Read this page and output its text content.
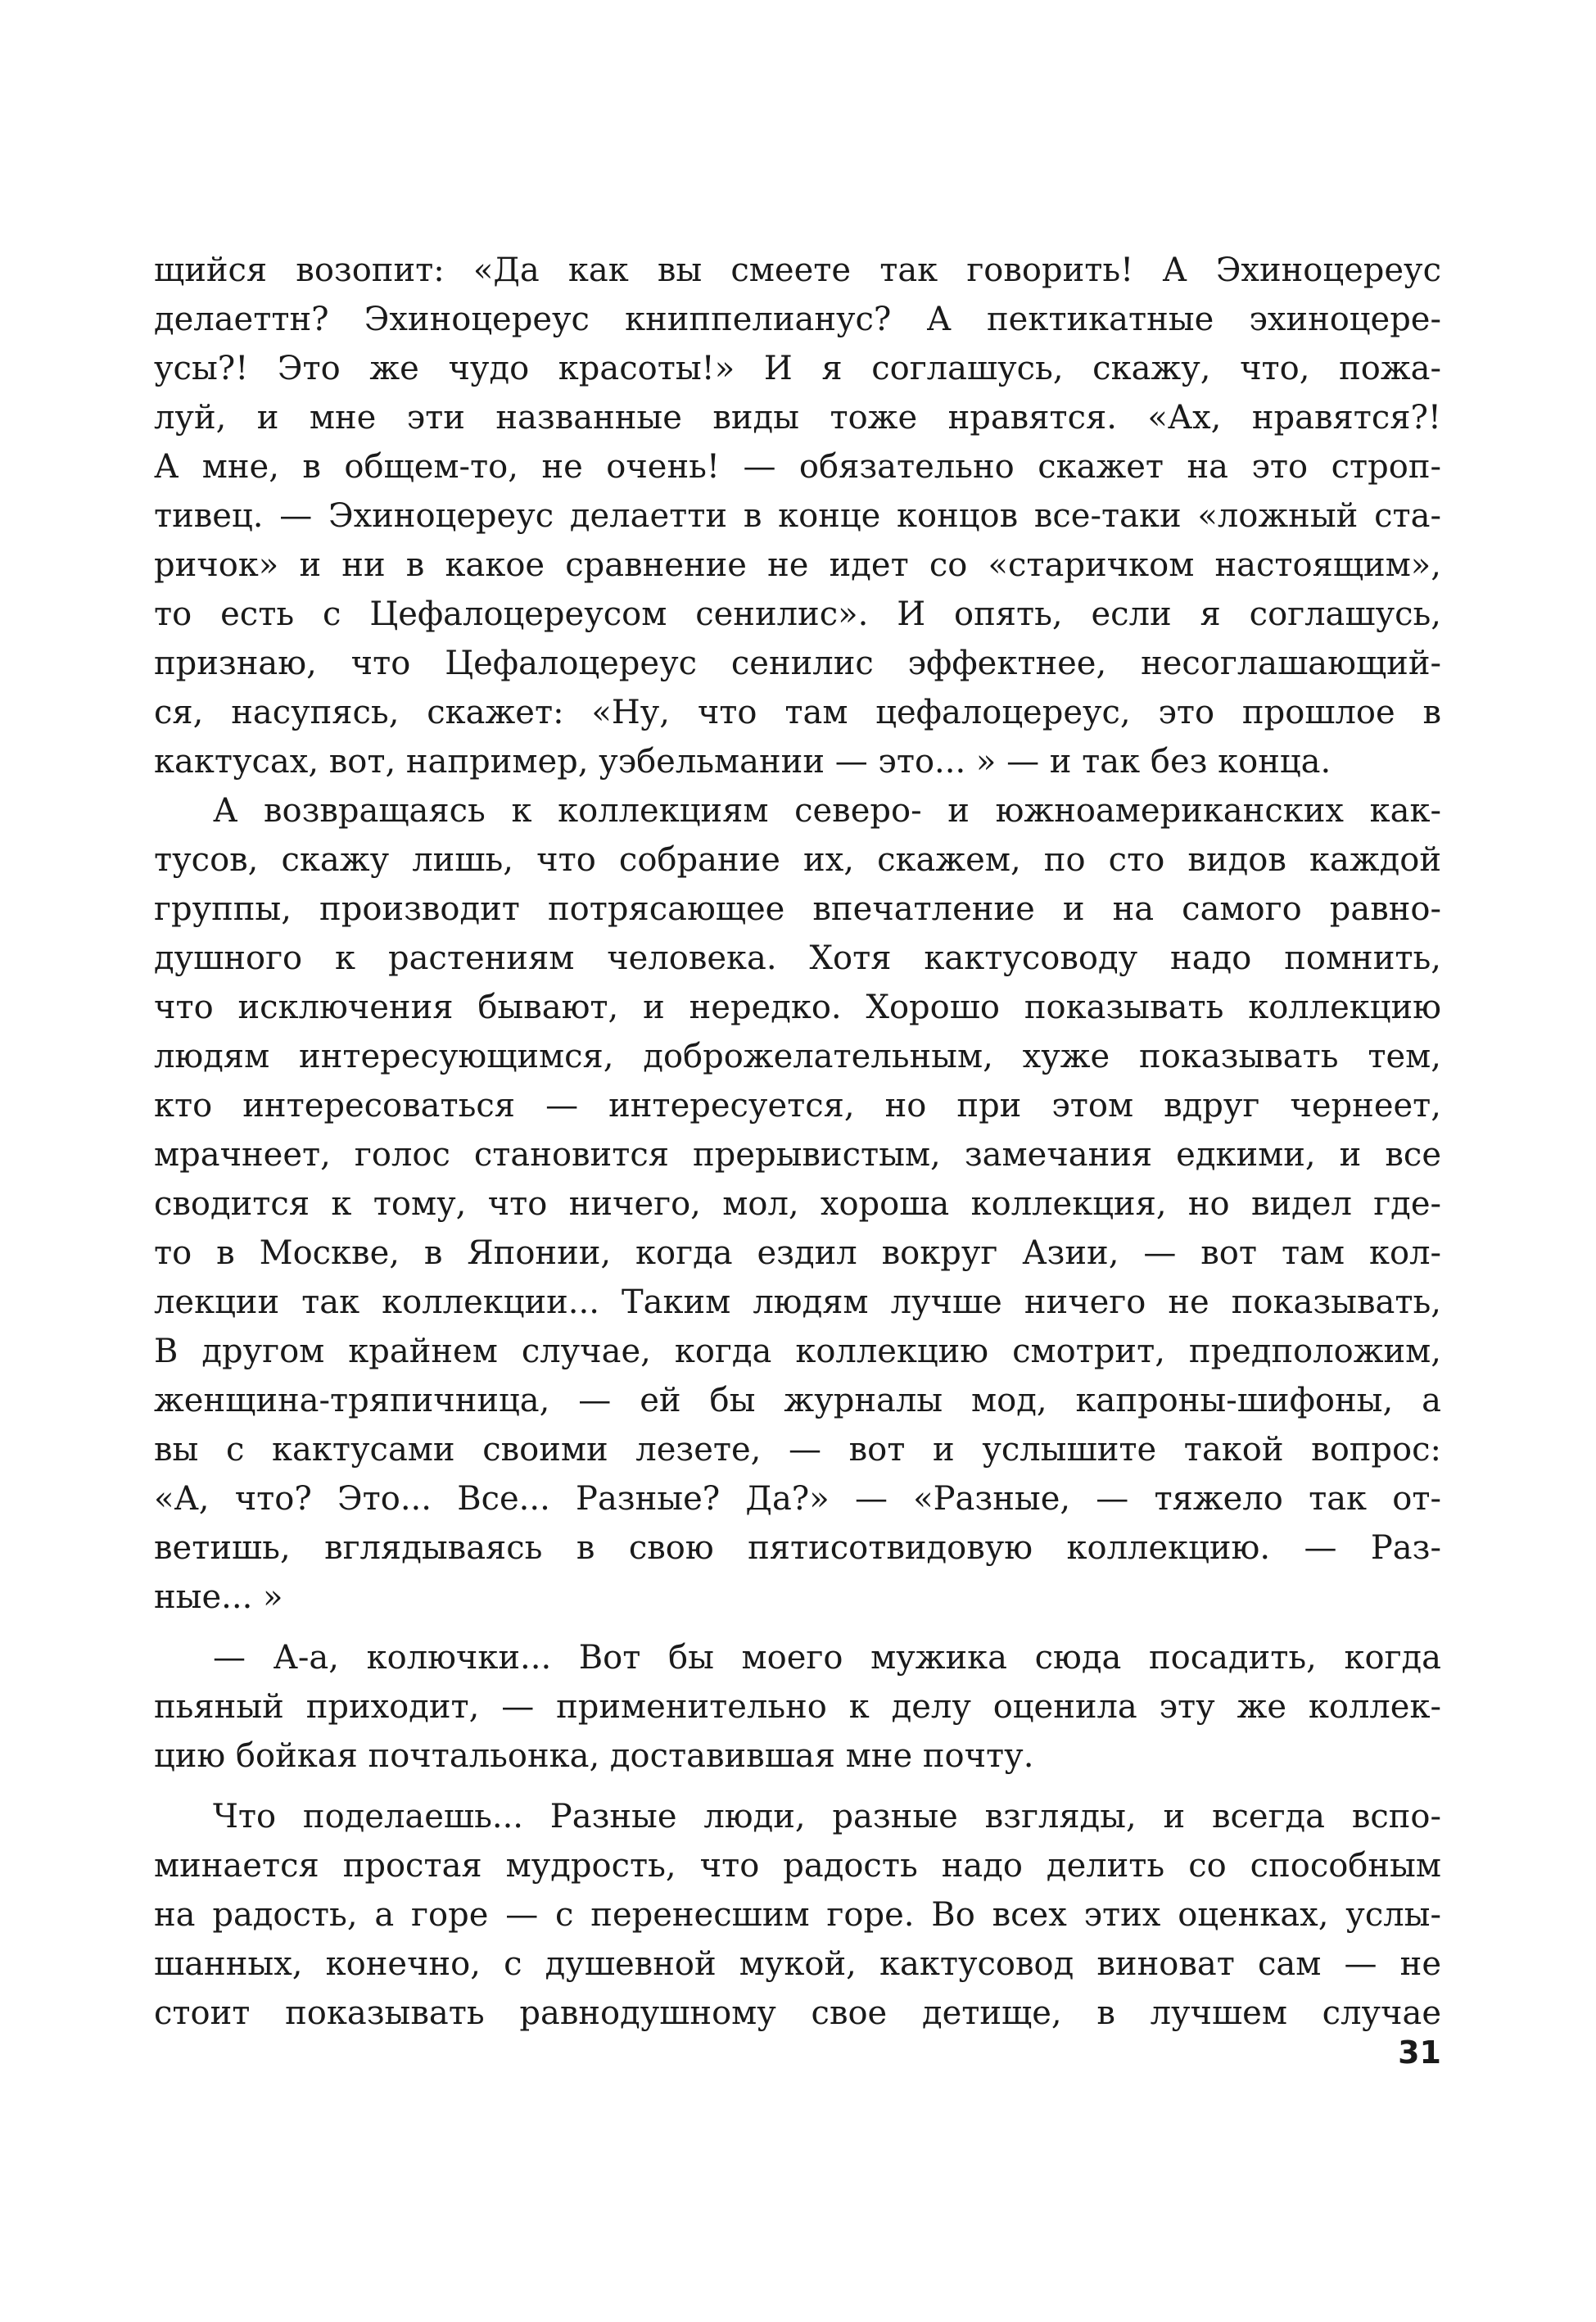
щийся возопит: «Да как вы смеете так говорить! А Эхиноцереус
делаеттн? Эхиноцереус книппелианус? А пектикатные эхиноцере-
усы?! Это же чудо красоты!» И я соглашусь, скажу, что, пожа-
луй, и мне эти названные виды тоже нравятся. «Ах, нравятся?!
А мне, в общем-то, не очень! — обязательно скажет на это строп-
тивец. — Эхиноцереус делаетти в конце концов все-таки «ложный ста-
ричок» и ни в какое сравнение не идет со «старичком настоящим»,
то есть с Цефалоцереусом сенилис». И опять, если я соглашусь,
признаю, что Цефалоцереус сенилис эффектнее, несоглашающий-
ся, насупясь, скажет: «Ну, что там цефалоцереус, это прошлое в
кактусах, вот, например, уэбельмании — это... » — и так без конца.
А возвращаясь к коллекциям северо- и южноамериканских как-
тусов, скажу лишь, что собрание их, скажем, по сто видов каждой
группы, производит потрясающее впечатление и на самого равно-
душного к растениям человека. Хотя кактусоводу надо помнить,
что исключения бывают, и нередко. Хорошо показывать коллекцию
людям интересующимся, доброжелательным, хуже показывать тем,
кто интересоваться — интересуется, но при этом вдруг чернеет,
мрачнеет, голос становится прерывистым, замечания едкими, и все
сводится к тому, что ничего, мол, хороша коллекция, но видел где-
то в Москве, в Японии, когда ездил вокруг Азии, — вот там кол-
лекции так коллекции... Таким людям лучше ничего не показывать,
В другом крайнем случае, когда коллекцию смотрит, предположим,
женщина-тряпичница, — ей бы журналы мод, капроны-шифоны, а
вы с кактусами своими лезете, — вот и услышите такой вопрос:
«А, что? Это... Все... Разные? Да?» — «Разные, — тяжело так от-
ветишь, вглядываясь в свою пятисотвидовую коллекцию. — Раз-
ные... »
— А-а, колючки... Вот бы моего мужика сюда посадить, когда
пьяный приходит, — применительно к делу оценила эту же коллек-
цию бойкая почтальонка, доставившая мне почту.
Что поделаешь... Разные люди, разные взгляды, и всегда вспо-
минается простая мудрость, что радость надо делить со способным
на радость, а горе — с перенесшим горе. Во всех этих оценках, услы-
шанных, конечно, с душевной мукой, кактусовод виноват сам — не
стоит показывать равнодушному свое детище, в лучшем случае
31
